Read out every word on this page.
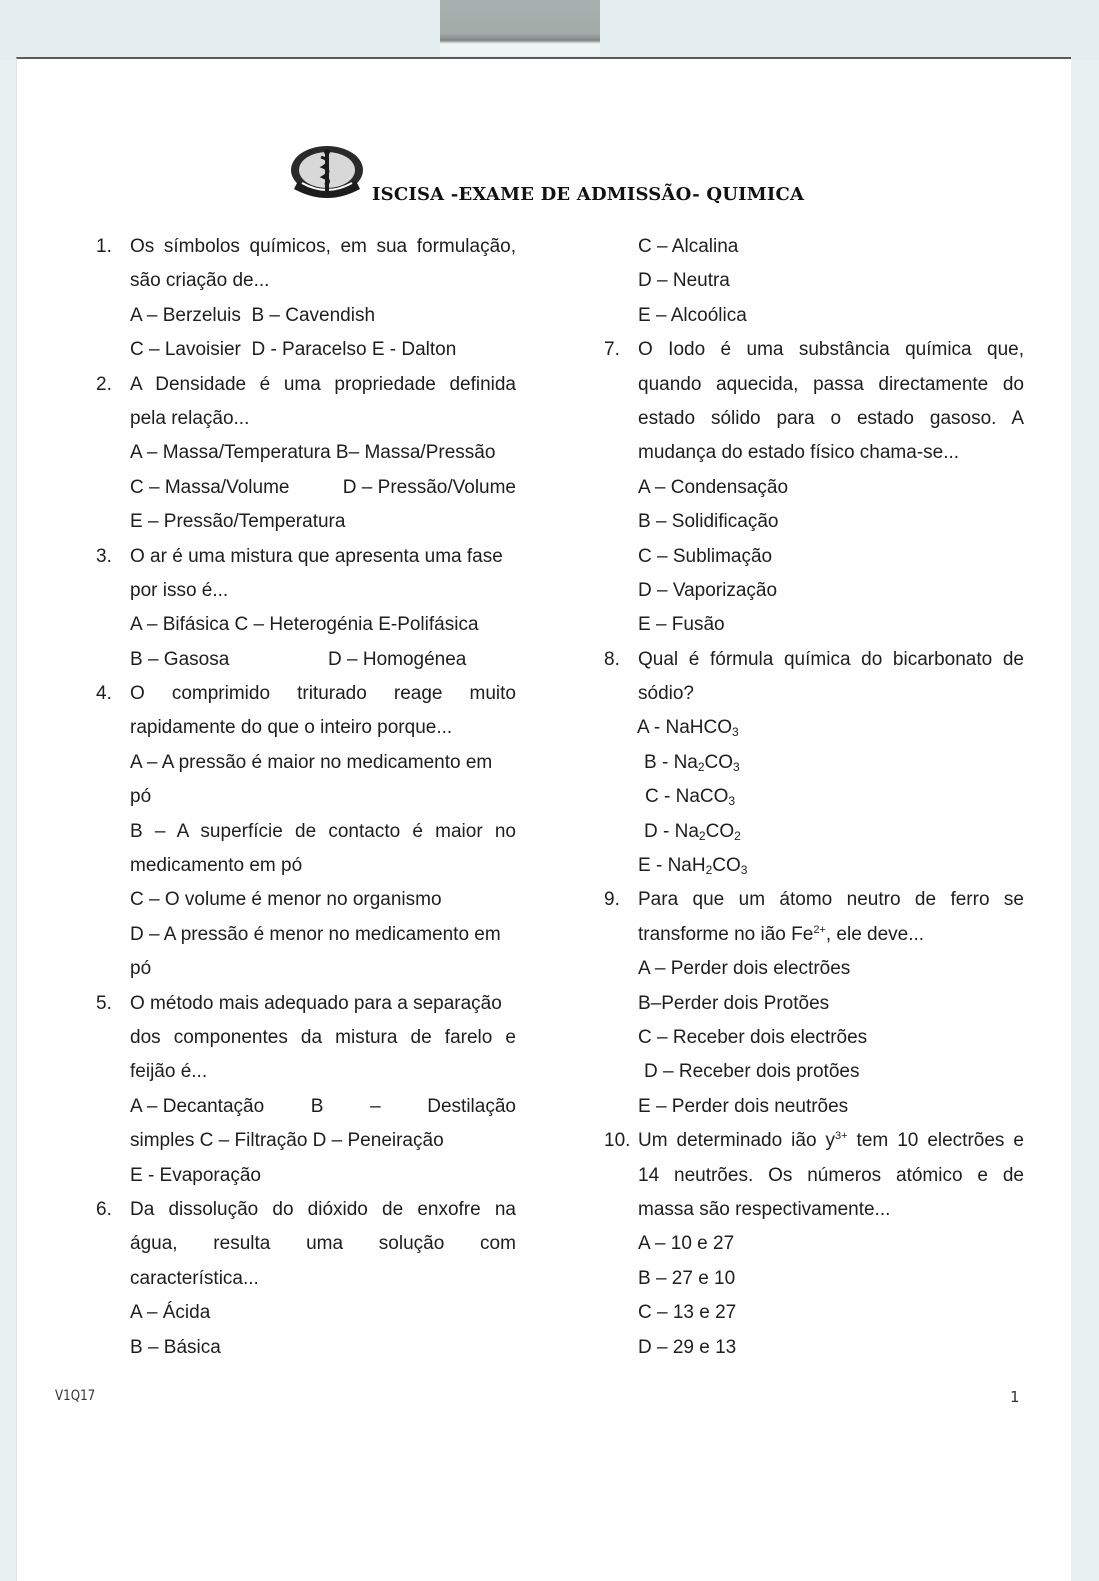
ISCISA -EXAME DE ADMISSÃO- QUIMICA
1. Os símbolos químicos, em sua formulação,
são criação de...
A – Berzeluis  B – Cavendish
C – Lavoisier  D - Paracelso E - Dalton
2. A Densidade é uma propriedade definida
pela relação...
A – Massa/Temperatura B– Massa/Pressão
C – Massa/Volume	D – Pressão/Volume
E – Pressão/Temperatura
3. O ar é uma mistura que apresenta uma fase
por isso é...
A – Bifásica C – Heterogénia E-Polifásica
B – Gasosa	D – Homogénea
4. O comprimido triturado reage muito
rapidamente do que o inteiro porque...
A – A pressão é maior no medicamento em
pó
B – A superfície de contacto é maior no
medicamento em pó
C – O volume é menor no organismo
D – A pressão é menor no medicamento em
pó
5. O método mais adequado para a separação
dos componentes da mistura de farelo e
feijão é...
A – Decantação B – Destilação
simples C – Filtração D – Peneiração
E - Evaporação
6. Da dissolução do dióxido de enxofre na
água, resulta uma solução com
característica...
A – Ácida
B – Básica
C – Alcalina
D – Neutra
E – Alcoólica
7. O Iodo é uma substância química que,
quando aquecida, passa directamente do
estado sólido para o estado gasoso. A
mudança do estado físico chama-se...
A – Condensação
B – Solidificação
C – Sublimação
D – Vaporização
E – Fusão
8. Qual é fórmula química do bicarbonato de
sódio?
A - NaHCO$_3$
B - $Na_2CO_3$
C - NaCO$_3$
D - $Na_2CO_2$
E - $NaH_2CO_3$
9. Para que um átomo neutro de ferro se
transforme no ião $Fe^{2+}$, ele deve...
A – Perder dois electrões
B–Perder dois Protões
C – Receber dois electrões
D – Receber dois protões
E – Perder dois neutrões
10. Um determinado ião $y^{3+}$ tem 10 electrões e
14 neutrões. Os números atómico e de
massa são respectivamente...
A – 10 e 27
B – 27 e 10
C – 13 e 27
D – 29 e 13
V1Q17	1
